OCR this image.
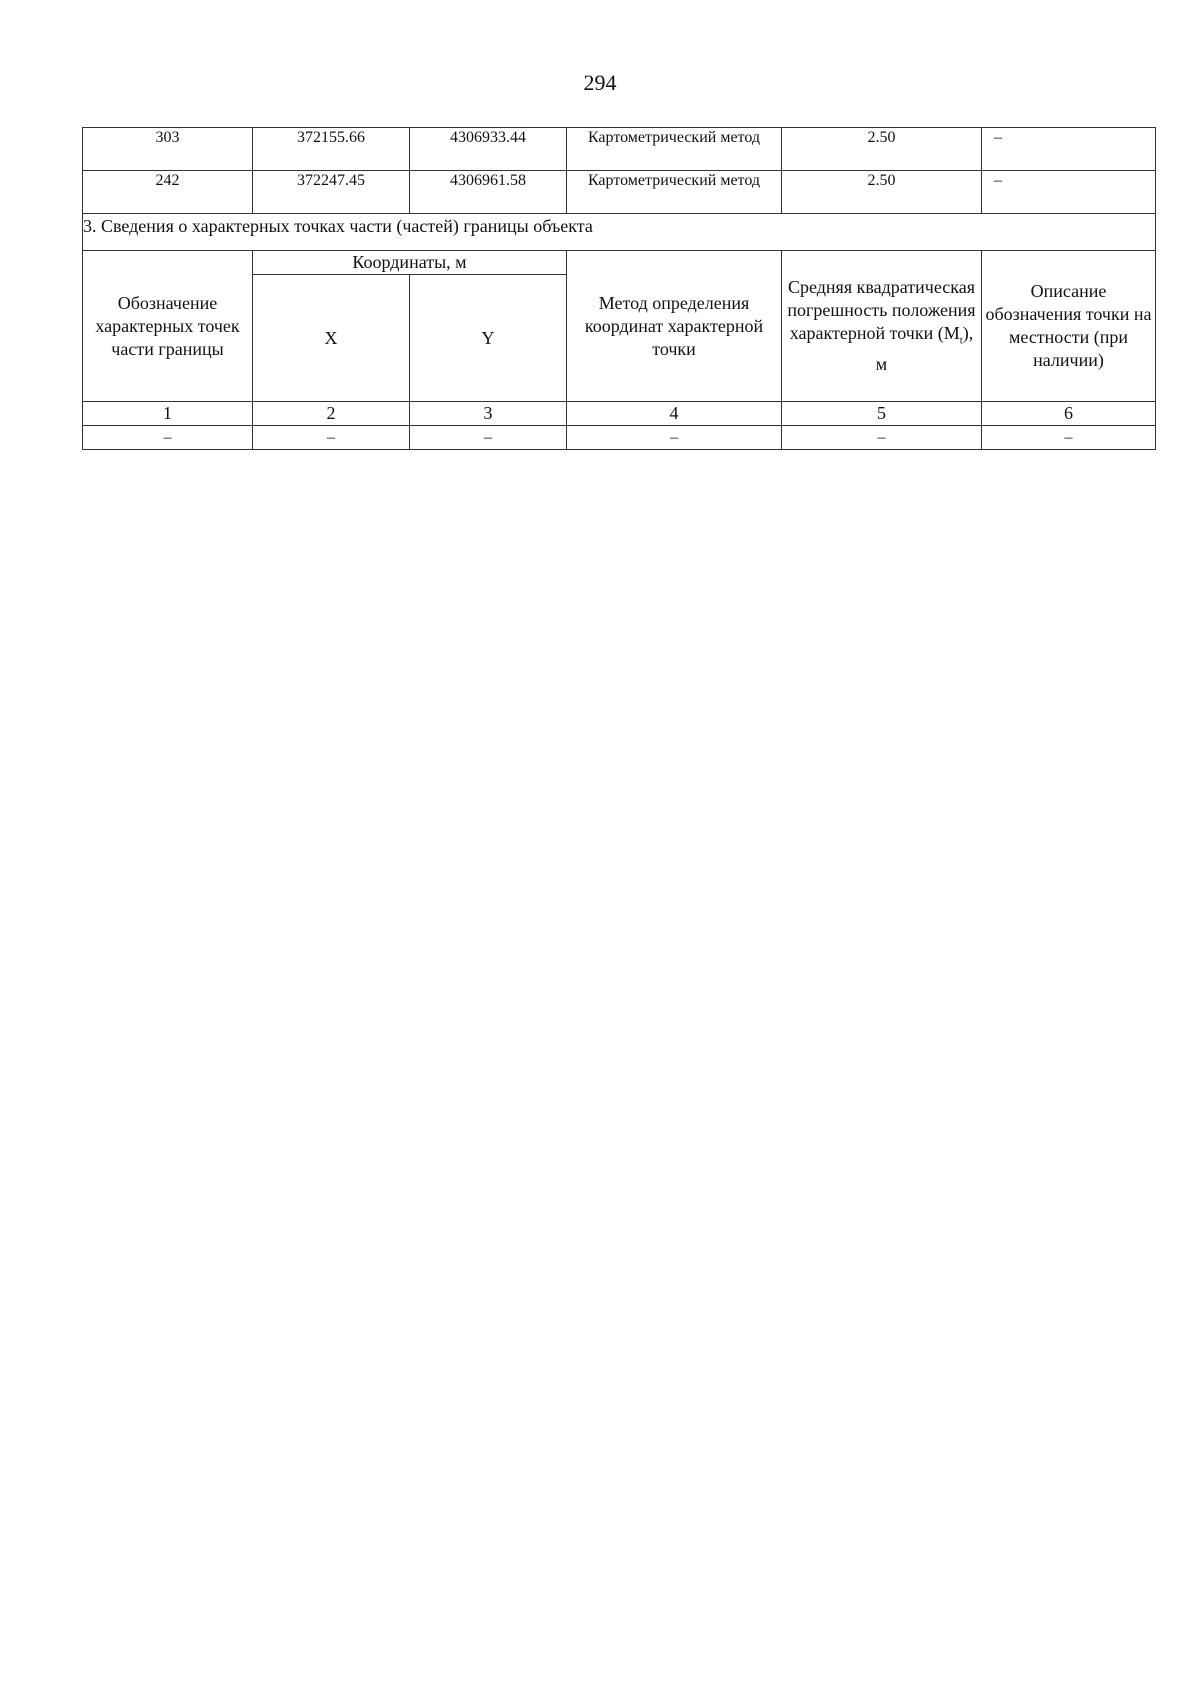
294
303	372155.66	4306933.44	Картометрический метод	2.50	–
242	372247.45	4306961.58	Картометрический метод	2.50	–
3. Сведения о характерных точках части (частей) границы объекта					
Обозначение характерных точек части границы	Координаты, м		Метод определения координат характерной точки	Средняя квадратическая погрешность положения характерной точки $(M_t)$, м	Описание обозначения точки на местности (при наличии)
	X	Y			
1	2	3	4	5	6
–	–	–	–	–	–
